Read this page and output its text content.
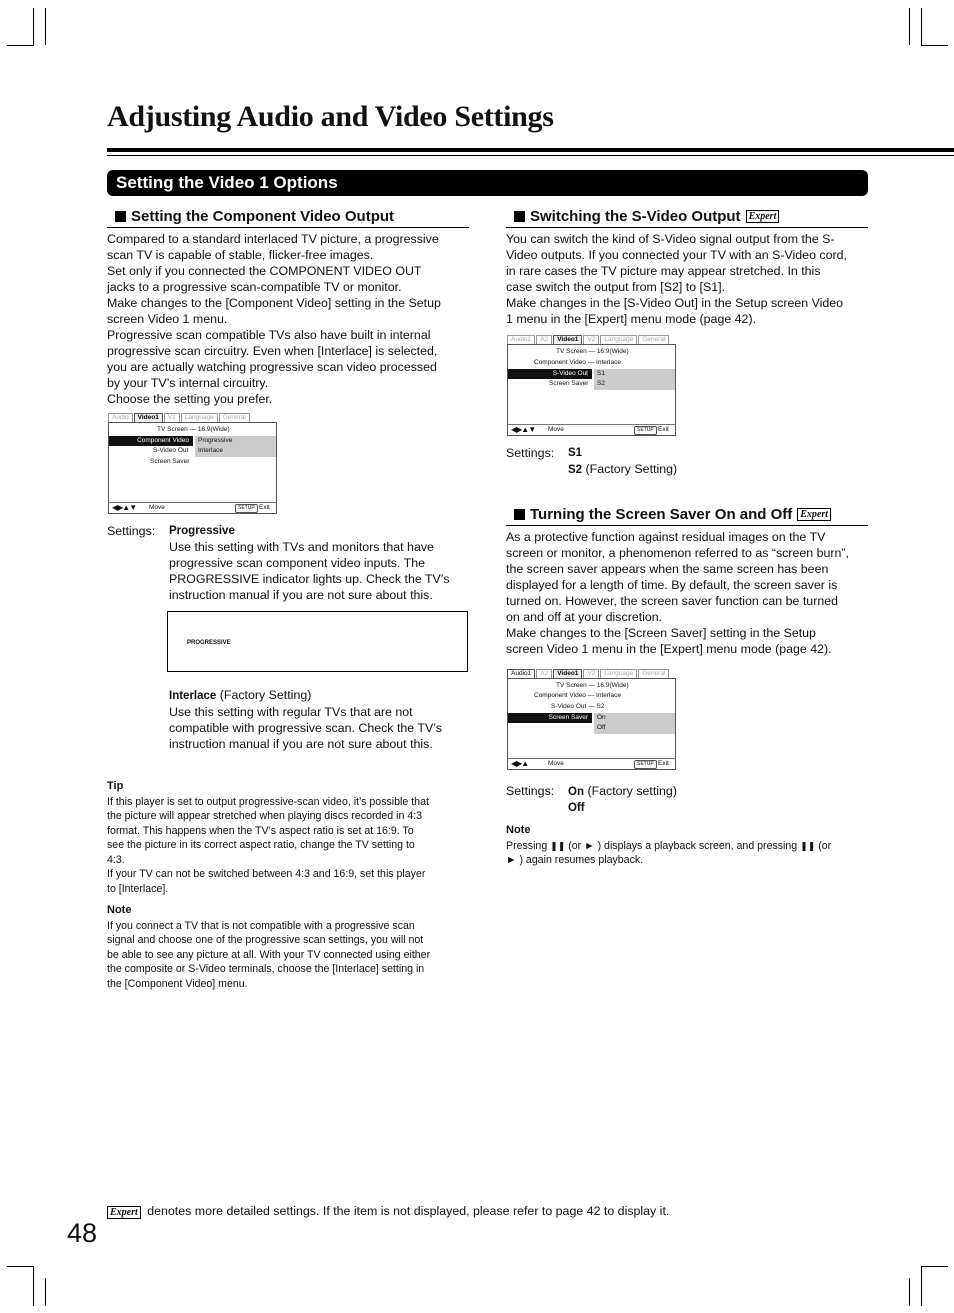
Adjusting Audio and Video Settings
Setting the Video 1 Options
Setting the Component Video Output
Compared to a standard interlaced TV picture, a progressive
scan TV is capable of stable, flicker-free images.
Set only if you connected the COMPONENT VIDEO OUT
jacks to a progressive scan-compatible TV or monitor.
Make changes to the [Component Video] setting in the Setup
screen Video 1 menu.
Progressive scan compatible TVs also have built in internal
progressive scan circuitry. Even when [Interlace] is selected,
you are actually watching progressive scan video processed
by your TV’s internal circuitry.
Choose the setting you prefer.
Audio	Video1	V2	Language	General
TV Screen — 16:9(Wide)
Component Video	Progressive
S-Video Out	Interlace
Screen Saver
◀▶▲▼ Move	SETUP Exit
Settings: Progressive
Use this setting with TVs and monitors that have
progressive scan component video inputs. The
PROGRESSIVE indicator lights up. Check the TV’s
instruction manual if you are not sure about this.
PROGRESSIVE
Interlace (Factory Setting)
Use this setting with regular TVs that are not
compatible with progressive scan. Check the TV’s
instruction manual if you are not sure about this.
Tip
If this player is set to output progressive-scan video, it’s possible that
the picture will appear stretched when playing discs recorded in 4:3
format. This happens when the TV’s aspect ratio is set at 16:9. To
see the picture in its correct aspect ratio, change the TV setting to
4:3.
If your TV can not be switched between 4:3 and 16:9, set this player
to [Interlace].
Note
If you connect a TV that is not compatible with a progressive scan
signal and choose one of the progressive scan settings, you will not
be able to see any picture at all. With your TV connected using either
the composite or S-Video terminals, choose the [Interlace] setting in
the [Component Video] menu.
Switching the S-Video Output Expert
You can switch the kind of S-Video signal output from the S-
Video outputs. If you connected your TV with an S-Video cord,
in rare cases the TV picture may appear stretched. In this
case switch the output from [S2] to [S1].
Make changes in the [S-Video Out] in the Setup screen Video
1 menu in the [Expert] menu mode (page 42).
Audio1	A2	Video1	V2	Language	General
TV Screen — 16:9(Wide)
Component Video — Interlace
S-Video Out	S1
Screen Saver	S2
◀▶▲▼ Move	SETUP Exit
Settings: S1
S2 (Factory Setting)
Turning the Screen Saver On and Off Expert
As a protective function against residual images on the TV
screen or monitor, a phenomenon referred to as “screen burn”,
the screen saver appears when the same screen has been
displayed for a length of time. By default, the screen saver is
turned on. However, the screen saver function can be turned
on and off at your discretion.
Make changes to the [Screen Saver] setting in the Setup
screen Video 1 menu in the [Expert] menu mode (page 42).
Audio1	A2	Video1	V2	Language	General
TV Screen — 16:9(Wide)
Component Video — Interlace
S-Video Out — S2
Screen Saver	On
Off
◀▶▲	Move	SETUP Exit
Settings: On (Factory setting)
Off
Note
Pressing ❚❚ (or ► ) displays a playback screen, and pressing ❚❚ (or
► ) again resumes playback.
Expert denotes more detailed settings. If the item is not displayed, please refer to page 42 to display it.
48
